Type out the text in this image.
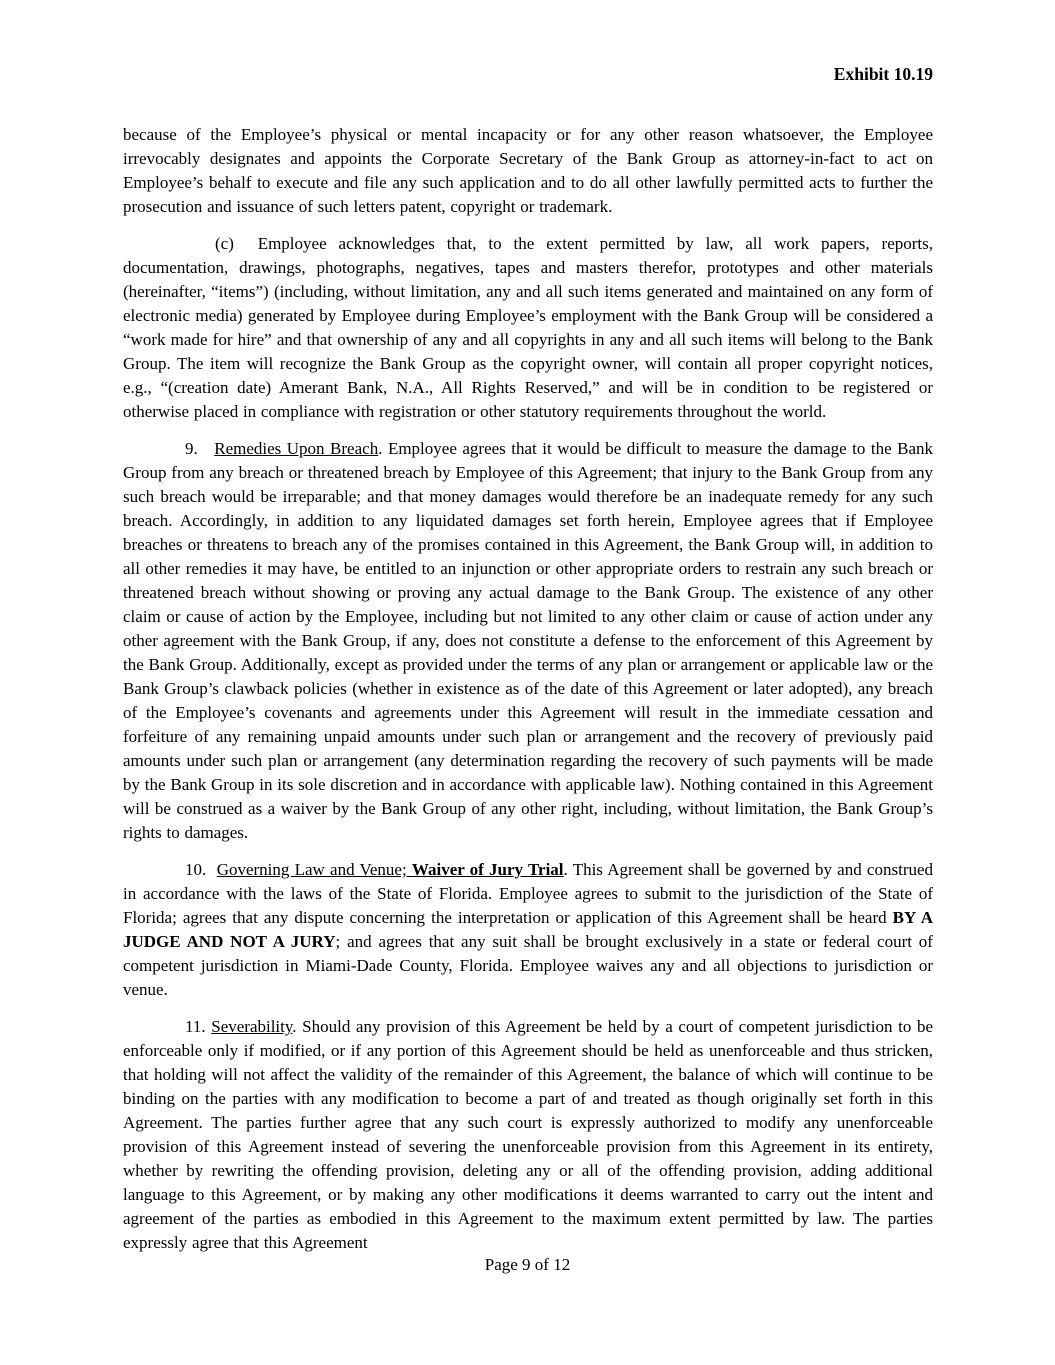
Exhibit 10.19

because of the Employee’s physical or mental incapacity or for any other reason whatsoever, the Employee irrevocably designates and appoints the Corporate Secretary of the Bank Group as attorney-in-fact to act on Employee’s behalf to execute and file any such application and to do all other lawfully permitted acts to further the prosecution and issuance of such letters patent, copyright or trademark.

(c)  Employee acknowledges that, to the extent permitted by law, all work papers, reports, documentation, drawings, photographs, negatives, tapes and masters therefor, prototypes and other materials (hereinafter, “items”) (including, without limitation, any and all such items generated and maintained on any form of electronic media) generated by Employee during Employee’s employment with the Bank Group will be considered a “work made for hire” and that ownership of any and all copyrights in any and all such items will belong to the Bank Group. The item will recognize the Bank Group as the copyright owner, will contain all proper copyright notices, e.g., “(creation date) Amerant Bank, N.A., All Rights Reserved,” and will be in condition to be registered or otherwise placed in compliance with registration or other statutory requirements throughout the world.

9.   Remedies Upon Breach. Employee agrees that it would be difficult to measure the damage to the Bank Group from any breach or threatened breach by Employee of this Agreement; that injury to the Bank Group from any such breach would be irreparable; and that money damages would therefore be an inadequate remedy for any such breach. Accordingly, in addition to any liquidated damages set forth herein, Employee agrees that if Employee breaches or threatens to breach any of the promises contained in this Agreement, the Bank Group will, in addition to all other remedies it may have, be entitled to an injunction or other appropriate orders to restrain any such breach or threatened breach without showing or proving any actual damage to the Bank Group. The existence of any other claim or cause of action by the Employee, including but not limited to any other claim or cause of action under any other agreement with the Bank Group, if any, does not constitute a defense to the enforcement of this Agreement by the Bank Group. Additionally, except as provided under the terms of any plan or arrangement or applicable law or the Bank Group’s clawback policies (whether in existence as of the date of this Agreement or later adopted), any breach of the Employee’s covenants and agreements under this Agreement will result in the immediate cessation and forfeiture of any remaining unpaid amounts under such plan or arrangement and the recovery of previously paid amounts under such plan or arrangement (any determination regarding the recovery of such payments will be made by the Bank Group in its sole discretion and in accordance with applicable law). Nothing contained in this Agreement will be construed as a waiver by the Bank Group of any other right, including, without limitation, the Bank Group’s rights to damages.

10.  Governing Law and Venue; Waiver of Jury Trial. This Agreement shall be governed by and construed in accordance with the laws of the State of Florida. Employee agrees to submit to the jurisdiction of the State of Florida; agrees that any dispute concerning the interpretation or application of this Agreement shall be heard BY A JUDGE AND NOT A JURY; and agrees that any suit shall be brought exclusively in a state or federal court of competent jurisdiction in Miami-Dade County, Florida. Employee waives any and all objections to jurisdiction or venue.

11. Severability. Should any provision of this Agreement be held by a court of competent jurisdiction to be enforceable only if modified, or if any portion of this Agreement should be held as unenforceable and thus stricken, that holding will not affect the validity of the remainder of this Agreement, the balance of which will continue to be binding on the parties with any modification to become a part of and treated as though originally set forth in this Agreement. The parties further agree that any such court is expressly authorized to modify any unenforceable provision of this Agreement instead of severing the unenforceable provision from this Agreement in its entirety, whether by rewriting the offending provision, deleting any or all of the offending provision, adding additional language to this Agreement, or by making any other modifications it deems warranted to carry out the intent and agreement of the parties as embodied in this Agreement to the maximum extent permitted by law. The parties expressly agree that this Agreement

Page 9 of 12
